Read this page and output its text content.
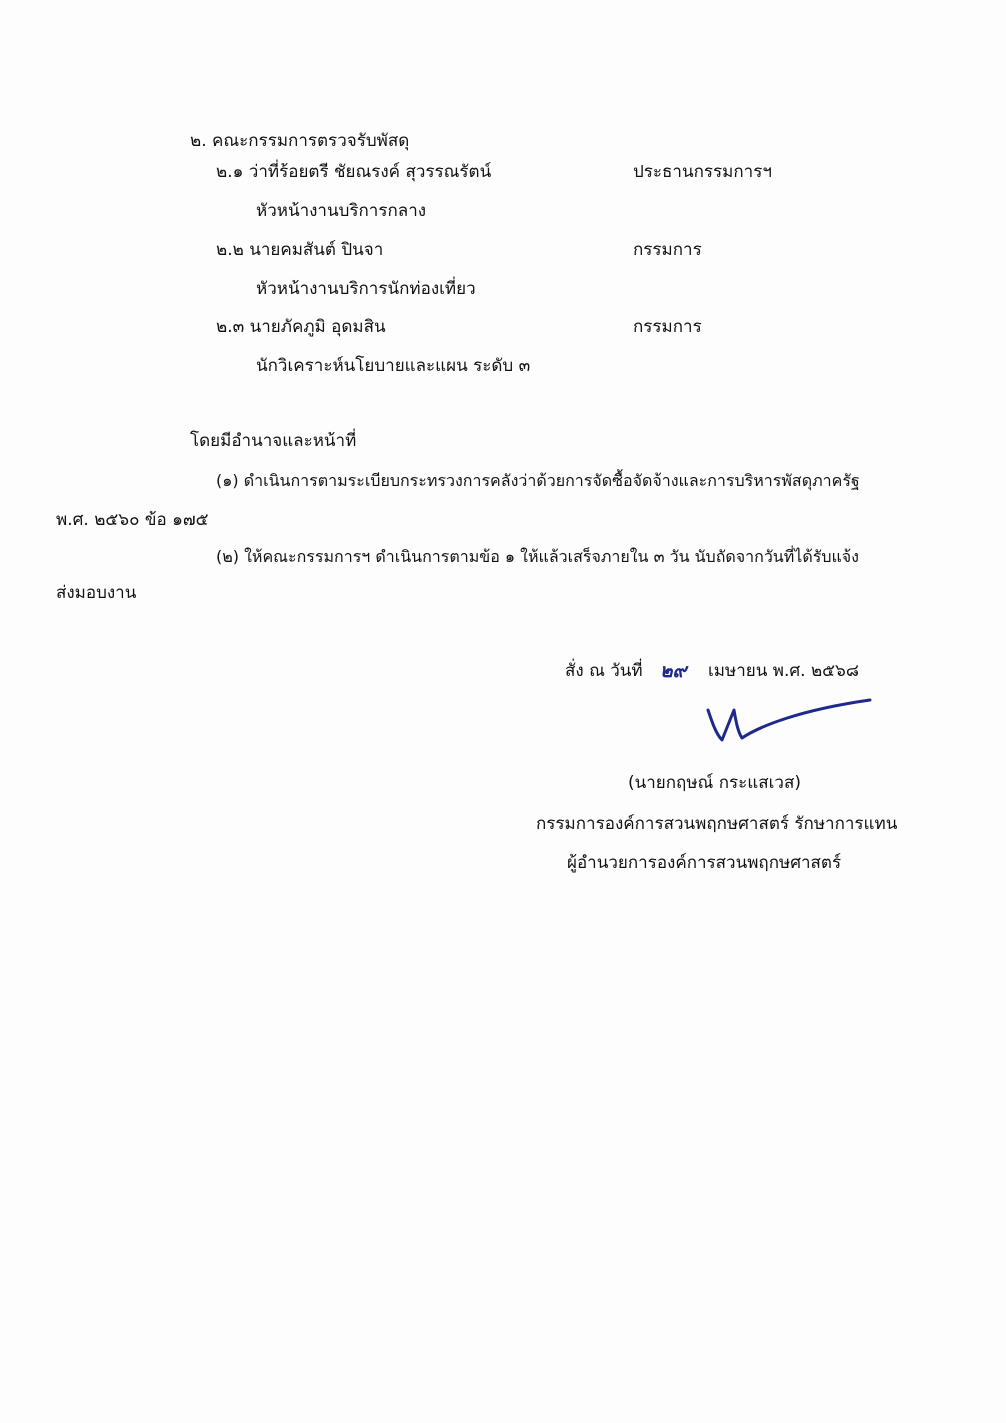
๒. คณะกรรมการตรวจรับพัสดุ
๒.๑ ว่าที่ร้อยตรี ชัยณรงค์ สุวรรณรัตน์	ประธานกรรมการฯ
หัวหน้างานบริการกลาง
๒.๒ นายคมสันต์ ปินจา	กรรมการ
หัวหน้างานบริการนักท่องเที่ยว
๒.๓ นายภัคภูมิ อุดมสิน	กรรมการ
นักวิเคราะห์นโยบายและแผน ระดับ ๓
โดยมีอำนาจและหน้าที่
(๑) ดำเนินการตามระเบียบกระทรวงการคลังว่าด้วยการจัดซื้อจัดจ้างและการบริหารพัสดุภาครัฐ
พ.ศ. ๒๕๖๐ ข้อ ๑๗๕
(๒) ให้คณะกรรมการฯ ดำเนินการตามข้อ ๑ ให้แล้วเสร็จภายใน ๓ วัน นับถัดจากวันที่ได้รับแจ้ง
ส่งมอบงาน
สั่ง ณ วันที่ ๒๙ เมษายน พ.ศ. ๒๕๖๘
(นายกฤษณ์ กระแสเวส)
กรรมการองค์การสวนพฤกษศาสตร์ รักษาการแทน
ผู้อำนวยการองค์การสวนพฤกษศาสตร์
